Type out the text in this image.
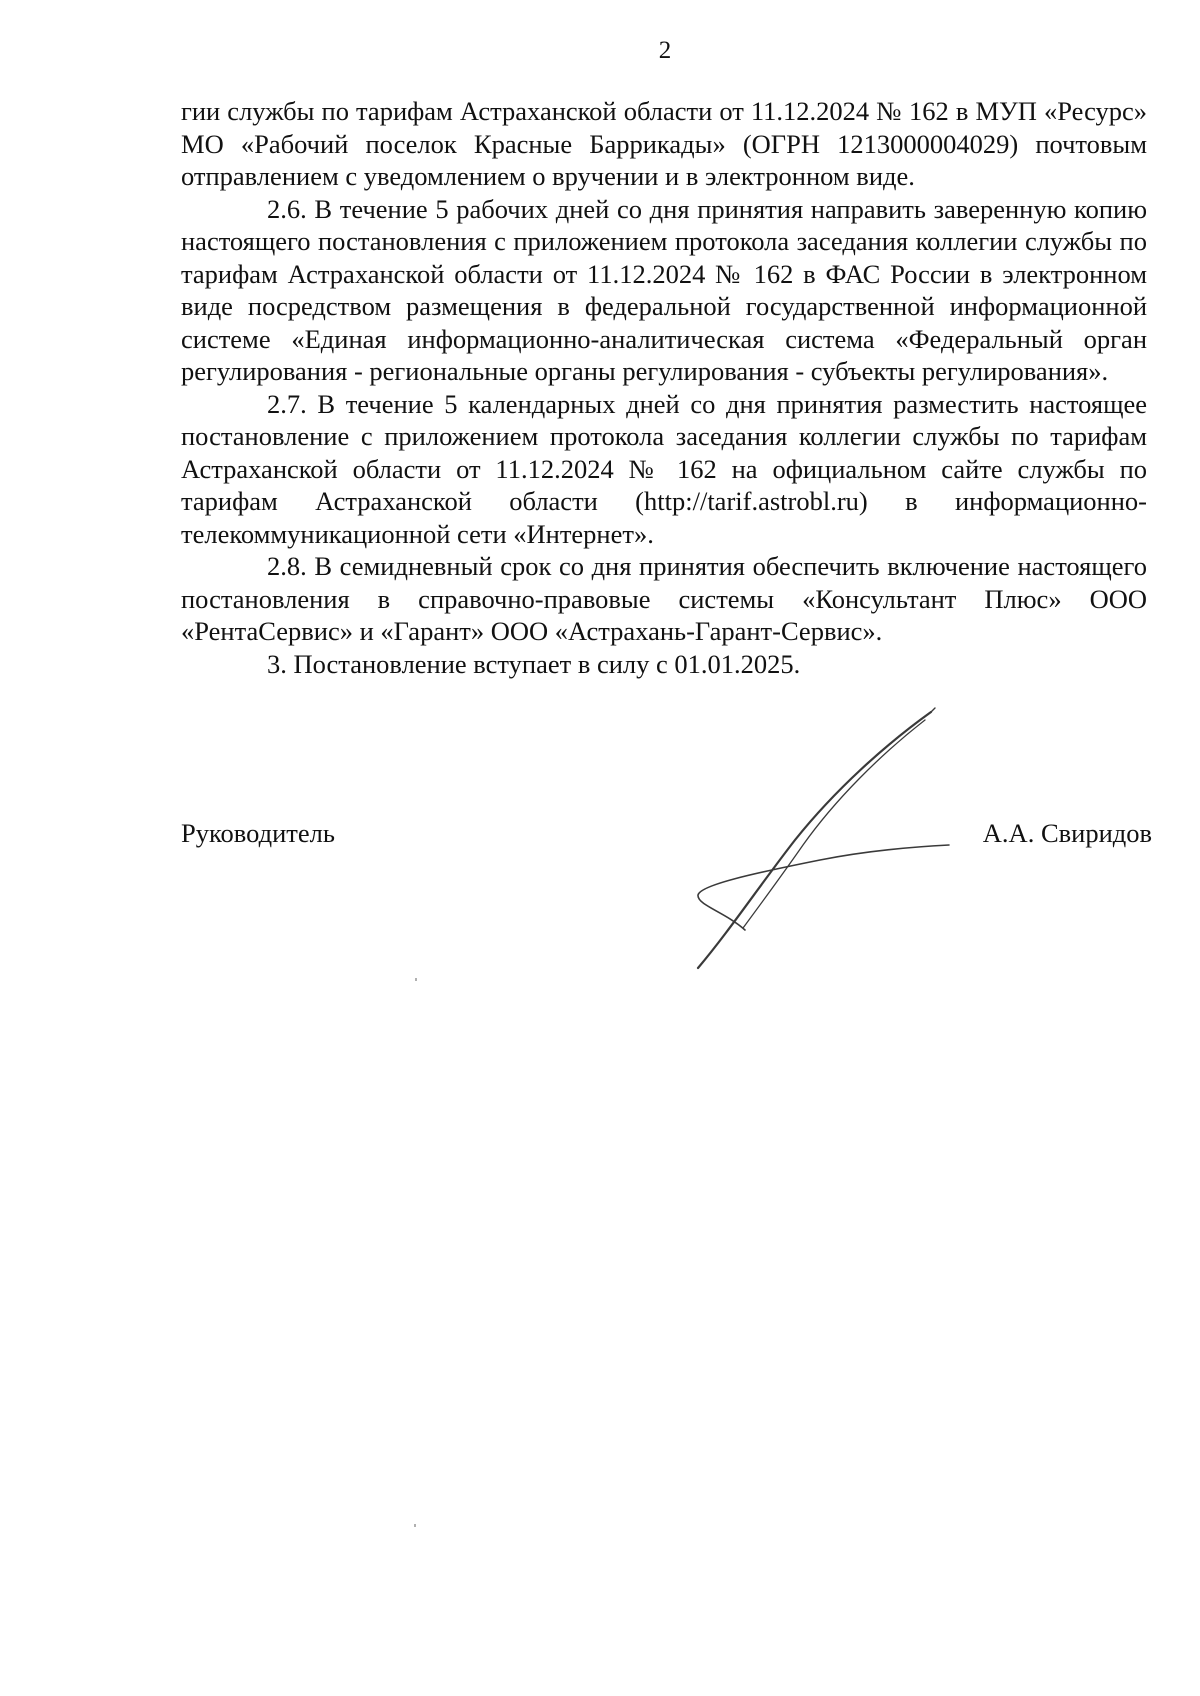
2

гии службы по тарифам Астраханской области от 11.12.2024 № 162 в МУП «Ресурс» МО «Рабочий поселок Красные Баррикады» (ОГРН 1213000004029) почтовым отправлением с уведомлением о вручении и в электронном виде.

2.6. В течение 5 рабочих дней со дня принятия направить заверенную копию настоящего постановления с приложением протокола заседания коллегии службы по тарифам Астраханской области от 11.12.2024 № 162 в ФАС России в электронном виде посредством размещения в федеральной государственной информационной системе «Единая информационно-аналитическая система «Федеральный орган регулирования - региональные органы регулирования - субъекты регулирования».

2.7. В течение 5 календарных дней со дня принятия разместить настоящее постановление с приложением протокола заседания коллегии службы по тарифам Астраханской области от 11.12.2024 № 162 на официальном сайте службы по тарифам Астраханской области (http://tarif.astrobl.ru) в информационно-телекоммуникационной сети «Интернет».

2.8. В семидневный срок со дня принятия обеспечить включение настоящего постановления в справочно-правовые системы «Консультант Плюс» ООО «РентаСервис» и «Гарант» ООО «Астрахань-Гарант-Сервис».

3. Постановление вступает в силу с 01.01.2025.

Руководитель	А.А. Свиридов
